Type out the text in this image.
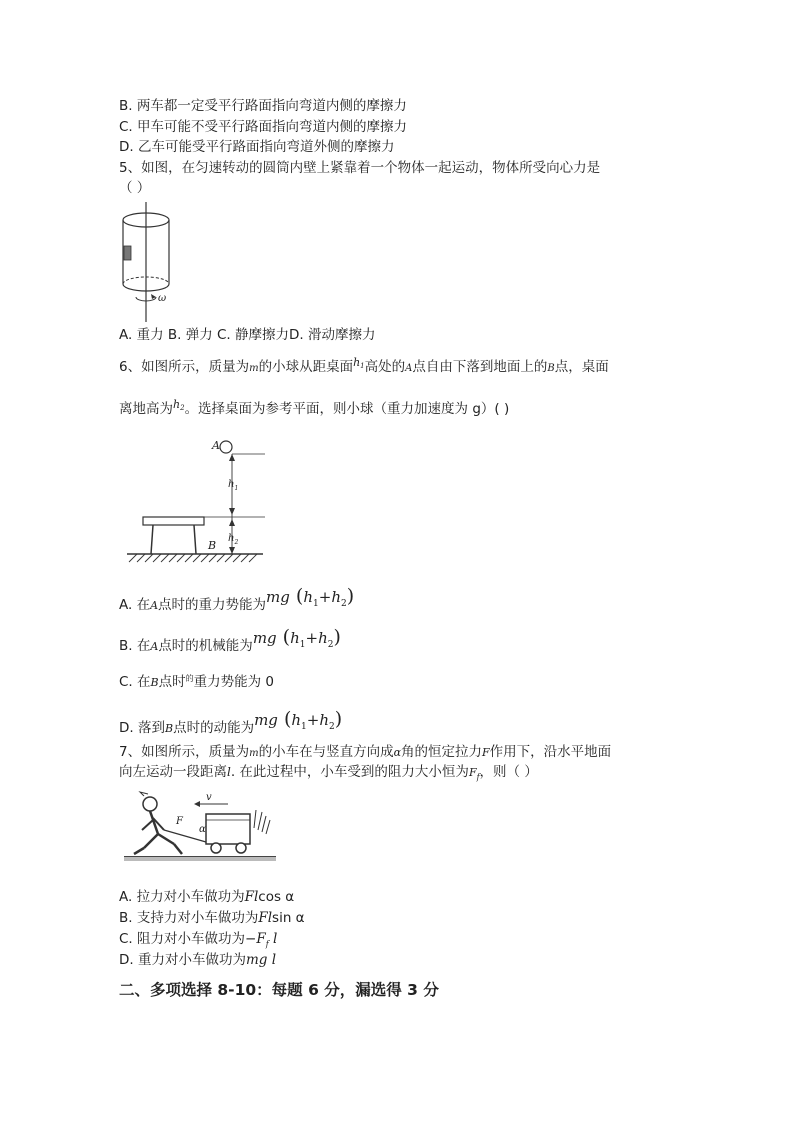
B. 两车都一定受平行路面指向弯道内侧的摩擦力
C. 甲车可能不受平行路面指向弯道内侧的摩擦力
D. 乙车可能受平行路面指向弯道外侧的摩擦力
5、如图，在匀速转动的圆筒内壁上紧靠着一个物体一起运动，物体所受向心力是
（ ）
ω
A. 重力 B. 弹力 C. 静摩擦力D. 滑动摩擦力
6、如图所示，质量为m的小球从距桌面$^{h1}$高处的A点自由下落到地面上的B点，桌面
离地高为$^{h2}$。选择桌面为参考平面，则小球（重力加速度为 g）( )
A
B
$h_1$
$h_2$
A. 在A点时的重力势能为mg $(h_1+h_2)$
B. 在A点时的机械能为mg $(h_1+h_2)$
C. 在B点时$^的$重力势能为 0
D. 落到B点时的动能为mg $(h_1+h_2)$
7、如图所示，质量为m的小车在与竖直方向成α角的恒定拉力F作用下，沿水平地面
向左运动一段距离l. 在此过程中，小车受到的阻力大小恒为$F_f$，则（ ）
v
F
α
A. 拉力对小车做功为Flcos α
B. 支持力对小车做功为Flsin α
C. 阻力对小车做功为$-F_f$ l
D. 重力对小车做功为mg l
二、多项选择 8-10：每题 6 分，漏选得 3 分
